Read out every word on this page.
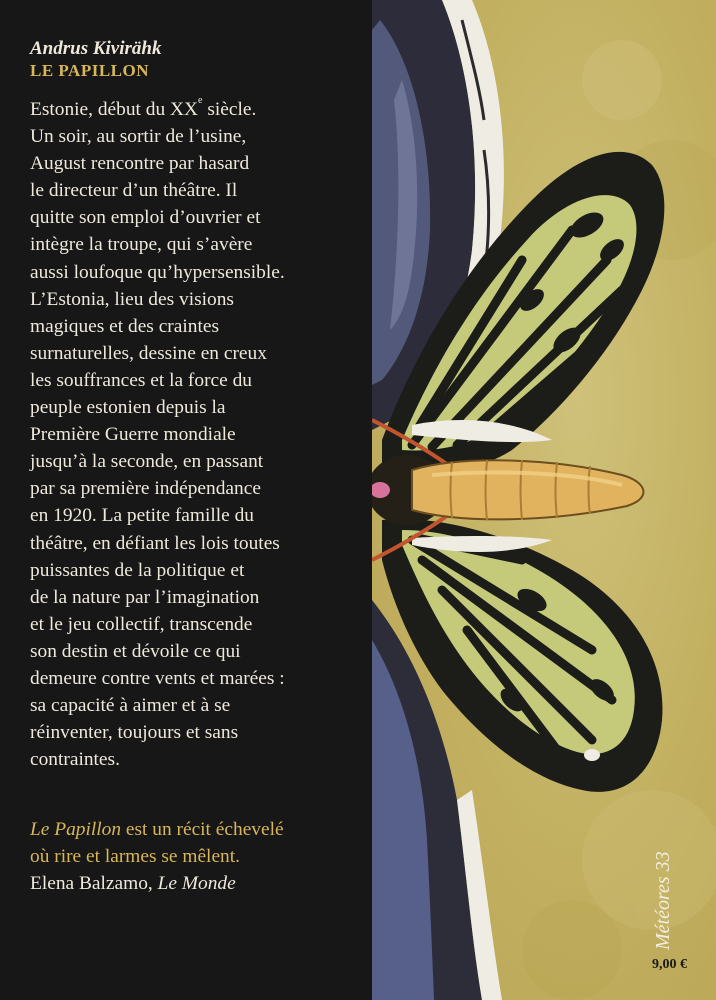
Andrus Kivirähk
LE PAPILLON
Estonie, début du XXe siècle.
Un soir, au sortir de l’usine,
August rencontre par hasard
le directeur d’un théâtre. Il
quitte son emploi d’ouvrier et
intègre la troupe, qui s’avère
aussi loufoque qu’hypersensible.
L’Estonia, lieu des visions
magiques et des craintes
surnaturelles, dessine en creux
les souffrances et la force du
peuple estonien depuis la
Première Guerre mondiale
jusqu’à la seconde, en passant
par sa première indépendance
en 1920. La petite famille du
théâtre, en défiant les lois toutes
puissantes de la politique et
de la nature par l’imagination
et le jeu collectif, transcende
son destin et dévoile ce qui
demeure contre vents et marées :
sa capacité à aimer et à se
réinventer, toujours et sans
contraintes.
Le Papillon est un récit échevelé
où rire et larmes se mêlent.
Elena Balzamo, Le Monde	Météores 33
9,00 €
